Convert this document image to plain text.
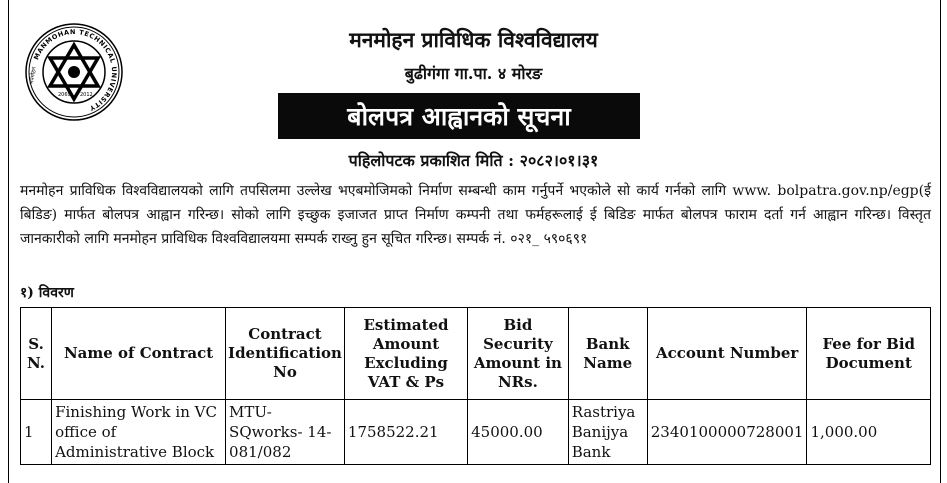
MANMOHAN TECHNICAL UNIVERSITY
2069 2012
मनमोहन
मनमोहन प्राविधिक विश्वविद्यालय
बुढीगंगा गा.पा. ४ मोरङ
बोलपत्र आह्वानको सूचना
पहिलोपटक प्रकाशित मिति : २०८२।०१।३१
मनमोहन प्राविधिक विश्वविद्यालयको लागि तपसिलमा उल्लेख भएबमोजिमको निर्माण सम्बन्धी काम गर्नुपर्ने भएकोले सो कार्य गर्नको लागि www. bolpatra.gov.np/egp(ई बिडिङ) मार्फत बोलपत्र आह्वान गरिन्छ। सोको लागि इच्छुक इजाजत प्राप्त निर्माण कम्पनी तथा फर्महरूलाई ई बिडिङ मार्फत बोलपत्र फाराम दर्ता गर्न आह्वान गरिन्छ। विस्तृत जानकारीको लागि मनमोहन प्राविधिक विश्वविद्यालयमा सम्पर्क राख्नु हुन सूचित गरिन्छ। सम्पर्क नं. ०२१_ ५९०६९१
१) विवरण
S. N.	Name of Contract	Contract Identification No	Estimated Amount Excluding VAT & Ps	Bid Security Amount in NRs.	Bank Name	Account Number	Fee for Bid Document
1	Finishing Work in VC office of Administrative Block	MTU-SQworks- 14-081/082	1758522.21	45000.00	Rastriya Banijya Bank	2340100000728001	1,000.00
